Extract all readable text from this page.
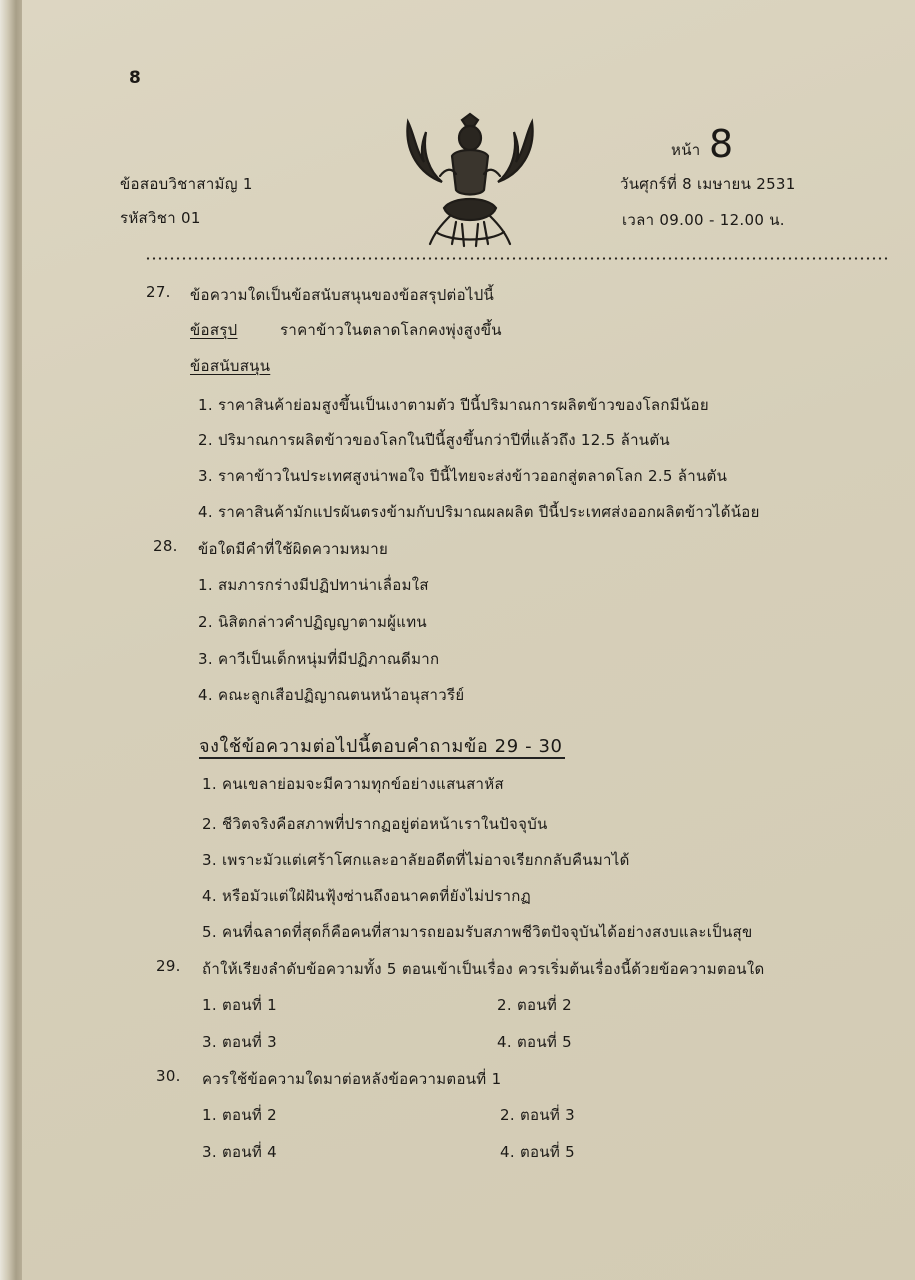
8
ข้อสอบวิชาสามัญ 1
รหัสวิชา 01
หน้า 8
วันศุกร์ที่ 8 เมษายน 2531
เวลา 09.00 - 12.00 น.
27. ข้อความใดเป็นข้อสนับสนุนของข้อสรุปต่อไปนี้
ข้อสรุป	ราคาข้าวในตลาดโลกคงพุ่งสูงขึ้น
ข้อสนับสนุน
1. ราคาสินค้าย่อมสูงขึ้นเป็นเงาตามตัว ปีนี้ปริมาณการผลิตข้าวของโลกมีน้อย
2. ปริมาณการผลิตข้าวของโลกในปีนี้สูงขึ้นกว่าปีที่แล้วถึง 12.5 ล้านตัน
3. ราคาข้าวในประเทศสูงน่าพอใจ ปีนี้ไทยจะส่งข้าวออกสู่ตลาดโลก 2.5 ล้านตัน
4. ราคาสินค้ามักแปรผันตรงข้ามกับปริมาณผลผลิต ปีนี้ประเทศส่งออกผลิตข้าวได้น้อย
28. ข้อใดมีคำที่ใช้ผิดความหมาย
1. สมภารกร่างมีปฏิปทาน่าเลื่อมใส
2. นิสิตกล่าวคำปฏิญญาตามผู้แทน
3. คาวีเป็นเด็กหนุ่มที่มีปฏิภาณดีมาก
4. คณะลูกเสือปฏิญาณตนหน้าอนุสาวรีย์
จงใช้ข้อความต่อไปนี้ตอบคำถามข้อ 29 - 30
1. คนเขลาย่อมจะมีความทุกข์อย่างแสนสาหัส
2. ชีวิตจริงคือสภาพที่ปรากฏอยู่ต่อหน้าเราในปัจจุบัน
3. เพราะมัวแต่เศร้าโศกและอาลัยอดีตที่ไม่อาจเรียกกลับคืนมาได้
4. หรือมัวแต่ใฝ่ฝันฟุ้งซ่านถึงอนาคตที่ยังไม่ปรากฏ
5. คนที่ฉลาดที่สุดก็คือคนที่สามารถยอมรับสภาพชีวิตปัจจุบันได้อย่างสงบและเป็นสุข
29. ถ้าให้เรียงลำดับข้อความทั้ง 5 ตอนเข้าเป็นเรื่อง ควรเริ่มต้นเรื่องนี้ด้วยข้อความตอนใด
1. ตอนที่ 1	2. ตอนที่ 2
3. ตอนที่ 3	4. ตอนที่ 5
30. ควรใช้ข้อความใดมาต่อหลังข้อความตอนที่ 1
1. ตอนที่ 2	2. ตอนที่ 3
3. ตอนที่ 4	4. ตอนที่ 5
